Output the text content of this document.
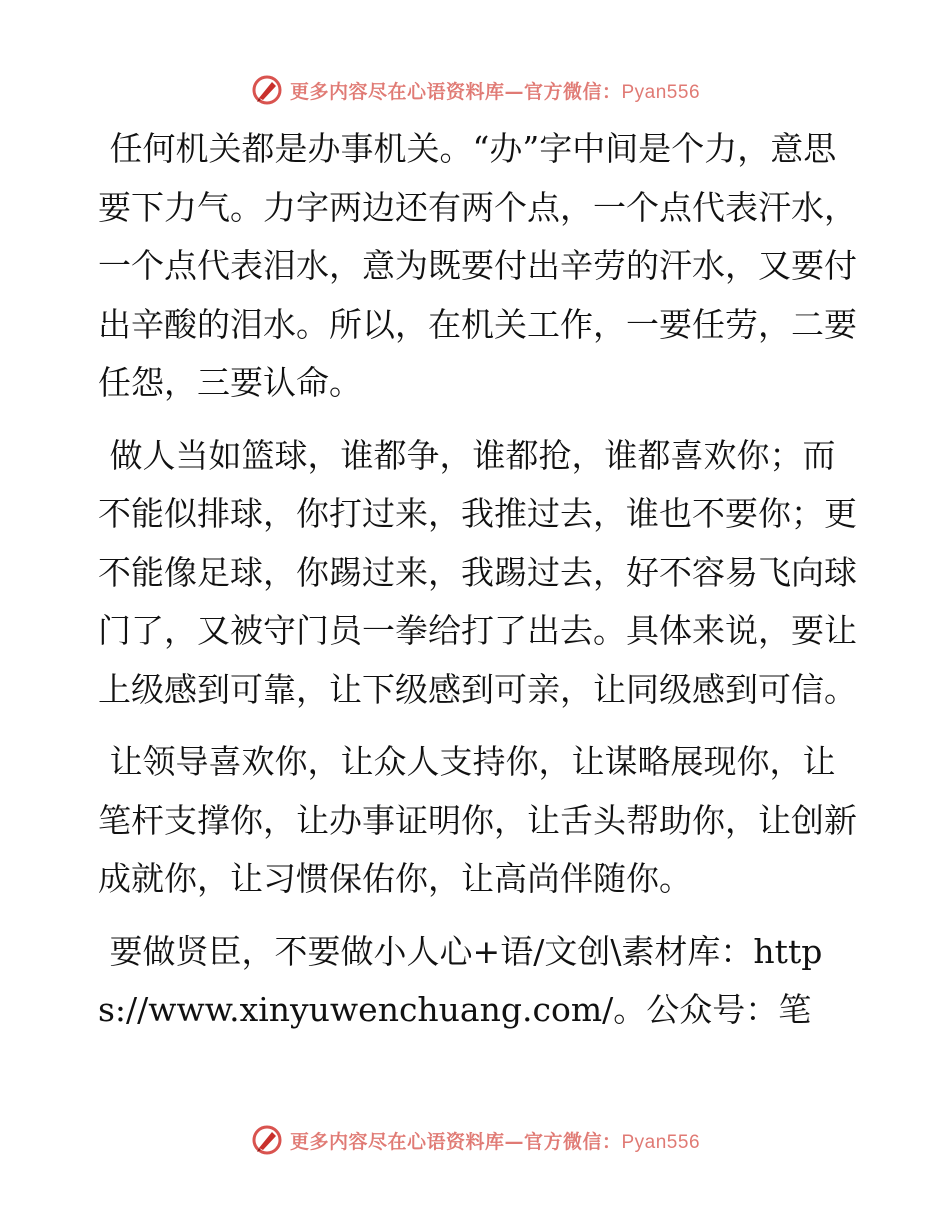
更多内容尽在心语资料库—官方微信：Pyan556

任何机关都是办事机关。“办”字中间是个力，意思要下力气。力字两边还有两个点，一个点代表汗水，一个点代表泪水，意为既要付出辛劳的汗水，又要付出辛酸的泪水。所以，在机关工作，一要任劳，二要任怨，三要认命。

做人当如篮球，谁都争，谁都抢，谁都喜欢你；而不能似排球，你打过来，我推过去，谁也不要你；更不能像足球，你踢过来，我踢过去，好不容易飞向球门了，又被守门员一拳给打了出去。具体来说，要让上级感到可靠，让下级感到可亲，让同级感到可信。

让领导喜欢你，让众人支持你，让谋略展现你，让笔杆支撑你，让办事证明你，让舌头帮助你，让创新成就你，让习惯保佑你，让高尚伴随你。

要做贤臣，不要做小人心+语/文创\素材库：https://www.xinyuwenchuang.com/。公众号：笔

更多内容尽在心语资料库—官方微信：Pyan556
